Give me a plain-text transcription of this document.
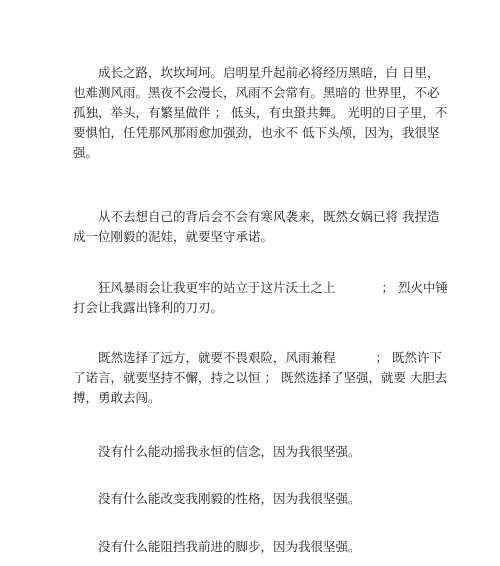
成长之路，坎坎坷坷。启明星升起前必将经历黑暗，白 日里，
也难测风雨。黑夜不会漫长，风雨不会常有。黑暗的 世界里，不必
孤独，举头，有繁星做伴 ； 低头，有虫蛩共舞。 光明的日子里，不
要惧怕，任凭那风那雨愈加强劲，也永不 低下头颅，因为，我很坚
强。

从不去想自己的背后会不会有寒风袭来，既然女娲已将 我捏造
成一位刚毅的泥娃，就要坚守承诺。

狂风暴雨会让我更牢的站立于这片沃土之上	； 烈火中锤
打会让我露出锋利的刀刃。

既然选择了远方，就要不畏艰险，风雨兼程	； 既然许下
了诺言，就要坚持不懈，持之以恒 ； 既然选择了坚强，就要 大胆去
搏，勇敢去闯。

没有什么能动摇我永恒的信念，因为我很坚强。

没有什么能改变我刚毅的性格，因为我很坚强。

没有什么能阻挡我前进的脚步，因为我很坚强。
